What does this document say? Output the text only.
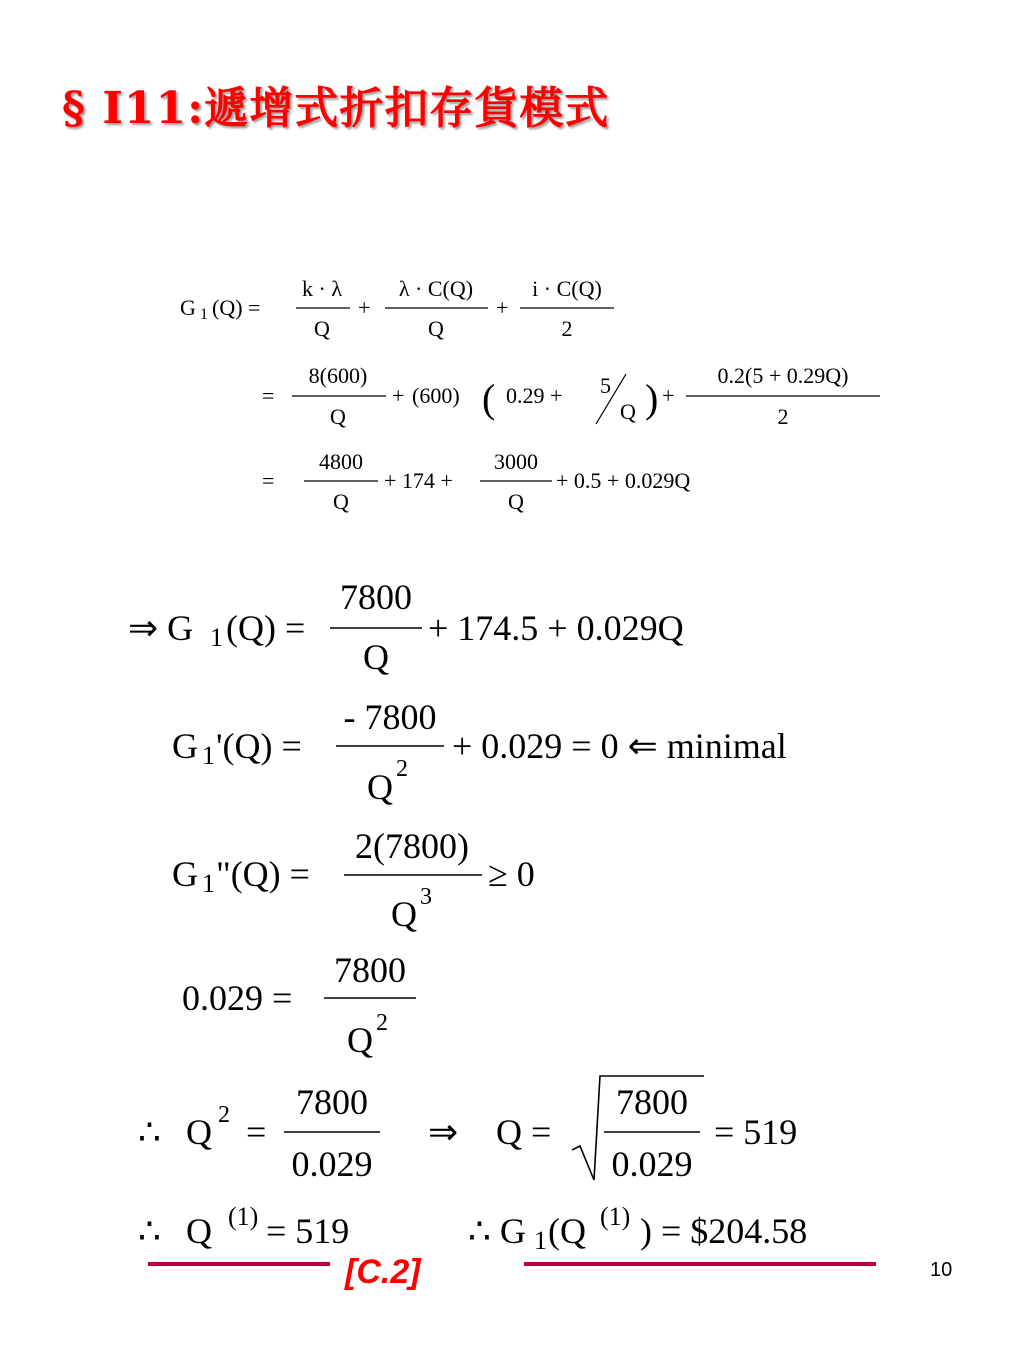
§ I11:遞增式折扣存貨模式
G 1 (Q) =
k · λ
Q
+
λ · C(Q)
Q
+
i · C(Q)
2
=
8(600)
Q
+ (600) ( 0.29 + 5
Q ) +
0.2(5 + 0.29Q)
2
=
4800
Q
+ 174 +
3000
Q
+ 0.5 + 0.029Q
⇒ G 1 (Q) =
7800
Q
+ 174.5 + 0.029Q
G 1 '(Q) =
- 7800
Q 2
+ 0.029 = 0 ⇐ minimal
G 1 "(Q) =
2(7800)
Q 3
≥ 0
0.029 =
7800
Q 2
∴ Q 2 =
7800
0.029
⇒ Q =
7800
0.029
= 519
∴ Q (1) = 519	∴ G 1 (Q (1) ) = $204.58
[C.2]	10
